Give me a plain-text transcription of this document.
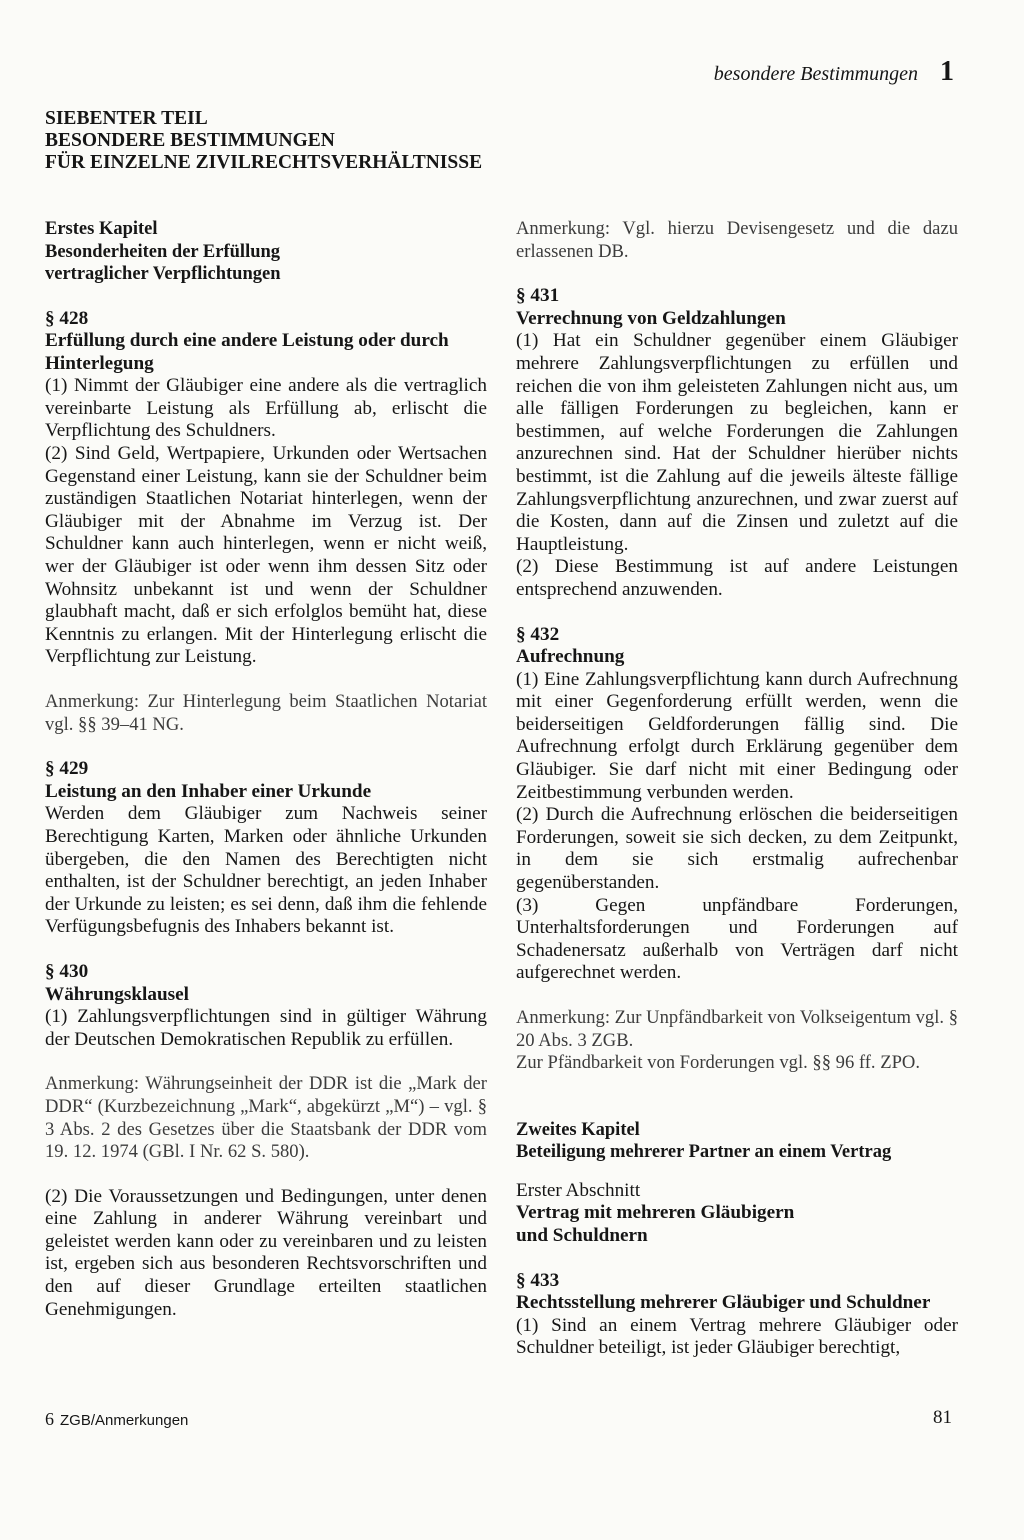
besondere Bestimmungen 1
SIEBENTER TEIL
BESONDERE BESTIMMUNGEN
FÜR EINZELNE ZIVILRECHTSVERHÄLTNISSE
Erstes Kapitel
Besonderheiten der Erfüllung
vertraglicher Verpflichtungen
§ 428
Erfüllung durch eine andere Leistung oder durch Hinterlegung

(1) Nimmt der Gläubiger eine andere als die vertraglich vereinbarte Leistung als Erfüllung ab, erlischt die Verpflichtung des Schuldners.

(2) Sind Geld, Wertpapiere, Urkunden oder Wertsachen Gegenstand einer Leistung, kann sie der Schuldner beim zuständigen Staatlichen Notariat hinterlegen, wenn der Gläubiger mit der Abnahme im Verzug ist. Der Schuldner kann auch hinterlegen, wenn er nicht weiß, wer der Gläubiger ist oder wenn ihm dessen Sitz oder Wohnsitz unbekannt ist und wenn der Schuldner glaubhaft macht, daß er sich erfolglos bemüht hat, diese Kenntnis zu erlangen. Mit der Hinterlegung erlischt die Verpflichtung zur Leistung.

Anmerkung: Zur Hinterlegung beim Staatlichen Notariat vgl. §§ 39–41 NG.

§ 429
Leistung an den Inhaber einer Urkunde

Werden dem Gläubiger zum Nachweis seiner Berechtigung Karten, Marken oder ähnliche Urkunden übergeben, die den Namen des Berechtigten nicht enthalten, ist der Schuldner berechtigt, an jeden Inhaber der Urkunde zu leisten; es sei denn, daß ihm die fehlende Verfügungsbefugnis des Inhabers bekannt ist.

§ 430
Währungsklausel

(1) Zahlungsverpflichtungen sind in gültiger Währung der Deutschen Demokratischen Republik zu erfüllen.

Anmerkung: Währungseinheit der DDR ist die „Mark der DDR“ (Kurzbezeichnung „Mark“, abgekürzt „M“) – vgl. § 3 Abs. 2 des Gesetzes über die Staatsbank der DDR vom 19. 12. 1974 (GBl. I Nr. 62 S. 580).

(2) Die Voraussetzungen und Bedingungen, unter denen eine Zahlung in anderer Währung vereinbart und geleistet werden kann oder zu vereinbaren und zu leisten ist, ergeben sich aus besonderen Rechtsvorschriften und den auf dieser Grundlage erteilten staatlichen Genehmigungen.

Anmerkung: Vgl. hierzu Devisengesetz und die dazu erlassenen DB.

§ 431
Verrechnung von Geldzahlungen

(1) Hat ein Schuldner gegenüber einem Gläubiger mehrere Zahlungsverpflichtungen zu erfüllen und reichen die von ihm geleisteten Zahlungen nicht aus, um alle fälligen Forderungen zu begleichen, kann er bestimmen, auf welche Forderungen die Zahlungen anzurechnen sind. Hat der Schuldner hierüber nichts bestimmt, ist die Zahlung auf die jeweils älteste fällige Zahlungsverpflichtung anzurechnen, und zwar zuerst auf die Kosten, dann auf die Zinsen und zuletzt auf die Hauptleistung.

(2) Diese Bestimmung ist auf andere Leistungen entsprechend anzuwenden.

§ 432
Aufrechnung

(1) Eine Zahlungsverpflichtung kann durch Aufrechnung mit einer Gegenforderung erfüllt werden, wenn die beiderseitigen Geldforderungen fällig sind. Die Aufrechnung erfolgt durch Erklärung gegenüber dem Gläubiger. Sie darf nicht mit einer Bedingung oder Zeitbestimmung verbunden werden.

(2) Durch die Aufrechnung erlöschen die beiderseitigen Forderungen, soweit sie sich decken, zu dem Zeitpunkt, in dem sie sich erstmalig aufrechenbar gegenüberstanden.

(3) Gegen unpfändbare Forderungen, Unterhaltsforderungen und Forderungen auf Schadenersatz außerhalb von Verträgen darf nicht aufgerechnet werden.

Anmerkung: Zur Unpfändbarkeit von Volkseigentum vgl. § 20 Abs. 3 ZGB.

Zur Pfändbarkeit von Forderungen vgl. §§ 96 ff. ZPO.

Zweites Kapitel
Beteiligung mehrerer Partner an einem Vertrag
Erster Abschnitt
Vertrag mit mehreren Gläubigern
und Schuldnern
§ 433
Rechtsstellung mehrerer Gläubiger und Schuldner

(1) Sind an einem Vertrag mehrere Gläubiger oder Schuldner beteiligt, ist jeder Gläubiger berechtigt,

6 ZGB/Anmerkungen	81
